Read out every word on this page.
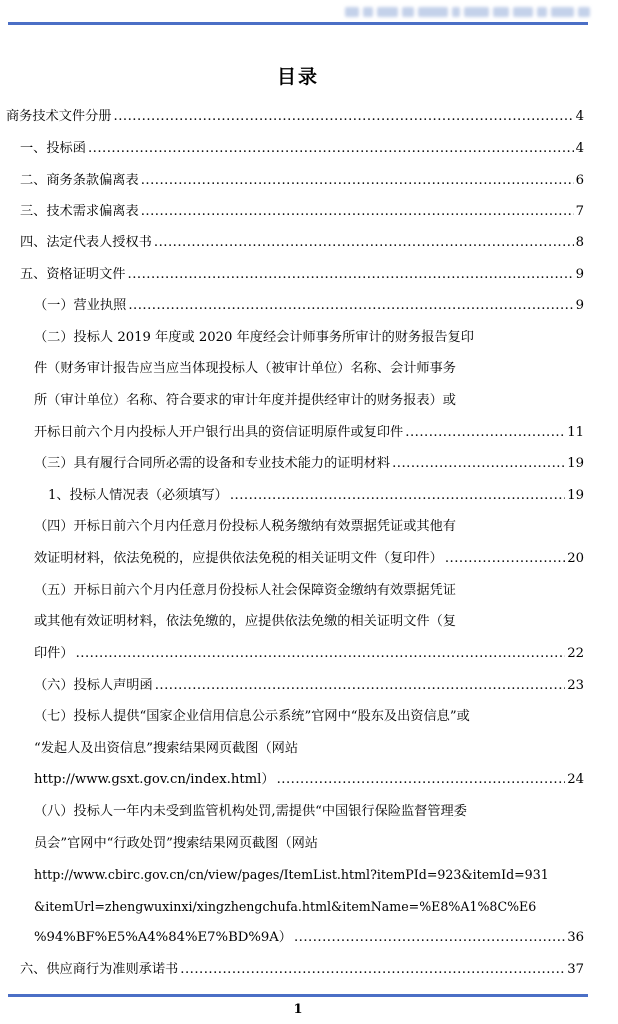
目录
商务技术文件分册 .....	4
一、投标函 .....	4
二、商务条款偏离表 .....	6
三、技术需求偏离表 .....	7
四、法定代表人授权书 .....	8
五、资格证明文件 .....	9
（一）营业执照 .....	9
（二）投标人 2019 年度或 2020 年度经会计师事务所审计的财务报告复印
件（财务审计报告应当应当体现投标人（被审计单位）名称、会计师事务
所（审计单位）名称、符合要求的审计年度并提供经审计的财务报表）或
开标日前六个月内投标人开户银行出具的资信证明原件或复印件 .....	11
（三）具有履行合同所必需的设备和专业技术能力的证明材料 .....	19
1、投标人情况表（必须填写） .....	19
（四）开标日前六个月内任意月份投标人税务缴纳有效票据凭证或其他有
效证明材料，依法免税的，应提供依法免税的相关证明文件（复印件） .....	20
（五）开标日前六个月内任意月份投标人社会保障资金缴纳有效票据凭证
或其他有效证明材料，依法免缴的，应提供依法免缴的相关证明文件（复
印件） .....	22
（六）投标人声明函 .....	23
（七）投标人提供“国家企业信用信息公示系统”官网中“股东及出资信息”或
“发起人及出资信息”搜索结果网页截图（网站
http://www.gsxt.gov.cn/index.html） .....	24
（八）投标人一年内未受到监管机构处罚,需提供“中国银行保险监督管理委
员会”官网中“行政处罚”搜索结果网页截图（网站
http://www.cbirc.gov.cn/cn/view/pages/ItemList.html?itemPId=923&itemId=931
&itemUrl=zhengwuxinxi/xingzhengchufa.html&itemName=%E8%A1%8C%E6
%94%BF%E5%A4%84%E7%BD%9A） .....	36
六、供应商行为准则承诺书 .....	37
1
